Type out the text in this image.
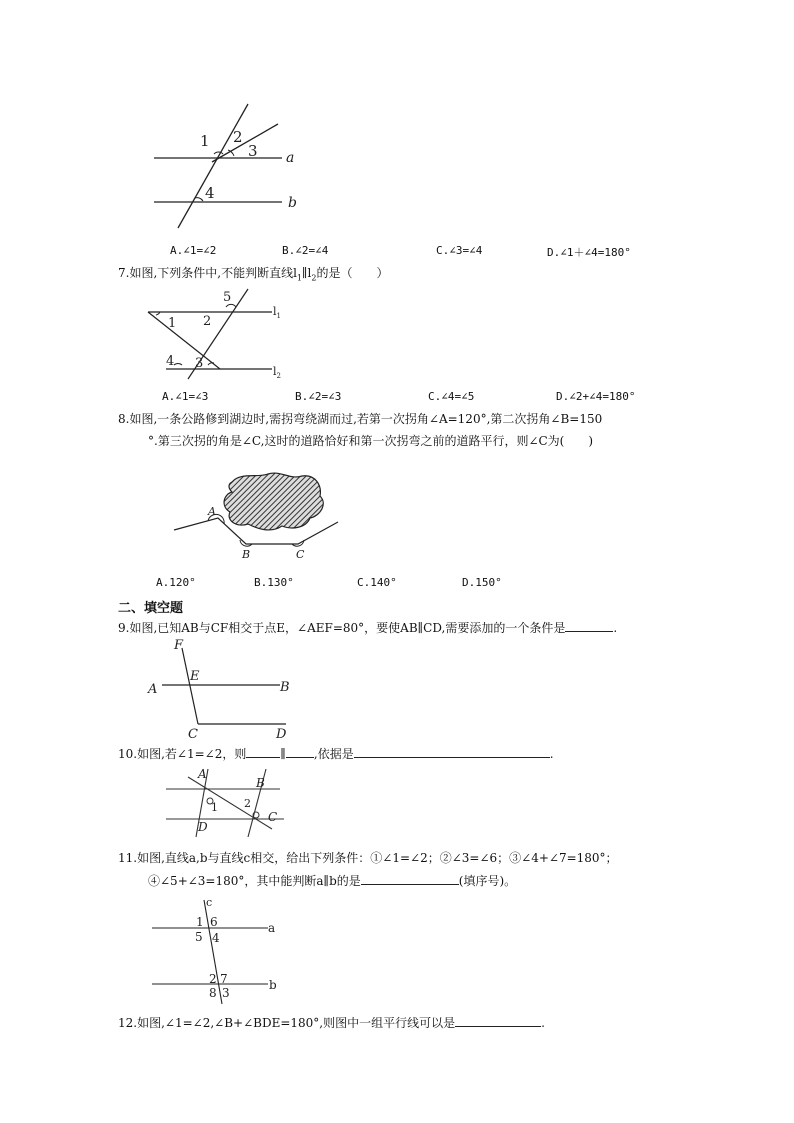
1 2
3
4
a
b
A.∠1=∠2	B.∠2=∠4	C.∠3=∠4	D.∠1＋∠4=180°
7.如图,下列条件中,不能判断直线$l_1\parallel l_2$的是（　　）
1 2
5
4 3
$l_1$
$l_2$
A.∠1=∠3	B.∠2=∠3	C.∠4=∠5	D.∠2+∠4=180°
8.如图,一条公路修到湖边时,需拐弯绕湖而过,若第一次拐角∠A=120°,第二次拐角∠B=150
°.第三次拐的角是∠C,这时的道路恰好和第一次拐弯之前的道路平行，则∠C为(　　)
A
B	C
A.120°	B.130°	C.140°	D.150°
二、填空题
9.如图,已知AB与CF相交于点E，∠AEF=80°，要使AB∥CD,需要添加的一个条件是	.
F
E
A	B
C	D
10.如图,若∠1=∠2，则	∥ ,依据是	.
A
B
1 2
C
D
11.如图,直线a,b与直线c相交，给出下列条件：①∠1=∠2；②∠3=∠6；③∠4+∠7=180°；
④∠5+∠3=180°，其中能判断a∥b的是	(填序号)。
c
1 6
5 4
a
2 7
8 3
b
12.如图,∠1=∠2,∠B+∠BDE=180°,则图中一组平行线可以是	.
